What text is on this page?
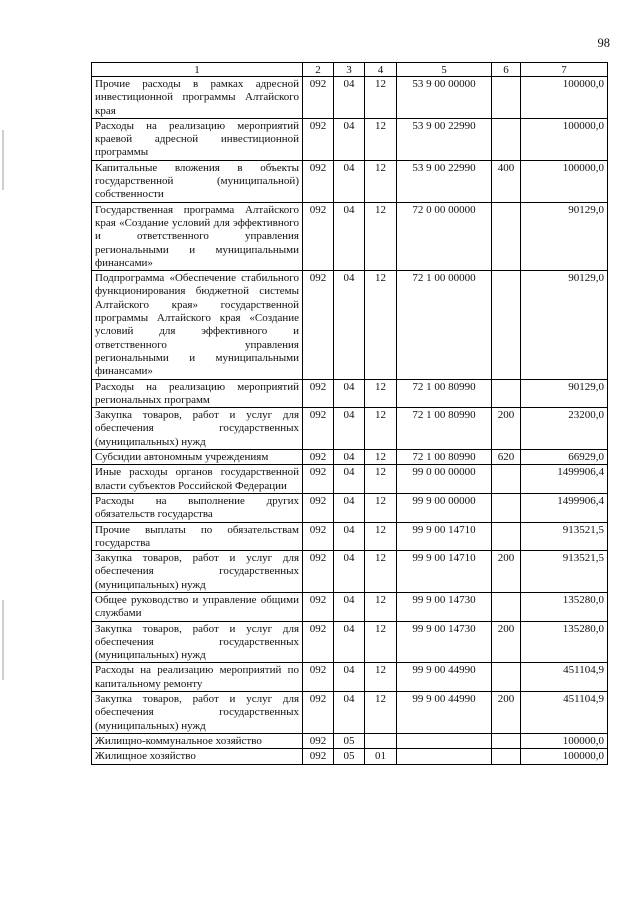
98
1	2	3	4	5	6	7
Прочие расходы в рамках адресной инвестиционной программы Алтайского края	092	04	12	53 9 00 00000		100000,0
Расходы на реализацию мероприятий краевой адресной инвестиционной программы	092	04	12	53 9 00 22990		100000,0
Капитальные вложения в объекты государственной (муниципальной) собственности	092	04	12	53 9 00 22990	400	100000,0
Государственная программа Алтайского края «Создание условий для эффективного и ответственного управления региональными и муниципальными финансами»	092	04	12	72 0 00 00000		90129,0
Подпрограмма «Обеспечение стабильного функционирования бюджетной системы Алтайского края» государственной программы Алтайского края «Создание условий для эффективного и ответственного управления региональными и муниципальными финансами»	092	04	12	72 1 00 00000		90129,0
Расходы на реализацию мероприятий региональных программ	092	04	12	72 1 00 80990		90129,0
Закупка товаров, работ и услуг для обеспечения государственных (муниципальных) нужд	092	04	12	72 1 00 80990	200	23200,0
Субсидии автономным учреждениям	092	04	12	72 1 00 80990	620	66929,0
Иные расходы органов государственной власти субъектов Российской Федерации	092	04	12	99 0 00 00000		1499906,4
Расходы на выполнение других обязательств государства	092	04	12	99 9 00 00000		1499906,4
Прочие выплаты по обязательствам государства	092	04	12	99 9 00 14710		913521,5
Закупка товаров, работ и услуг для обеспечения государственных (муниципальных) нужд	092	04	12	99 9 00 14710	200	913521,5
Общее руководство и управление общими службами	092	04	12	99 9 00 14730		135280,0
Закупка товаров, работ и услуг для обеспечения государственных (муниципальных) нужд	092	04	12	99 9 00 14730	200	135280,0
Расходы на реализацию мероприятий по капитальному ремонту	092	04	12	99 9 00 44990		451104,9
Закупка товаров, работ и услуг для обеспечения государственных (муниципальных) нужд	092	04	12	99 9 00 44990	200	451104,9
Жилищно-коммунальное хозяйство	092	05				100000,0
Жилищное хозяйство	092	05	01			100000,0
